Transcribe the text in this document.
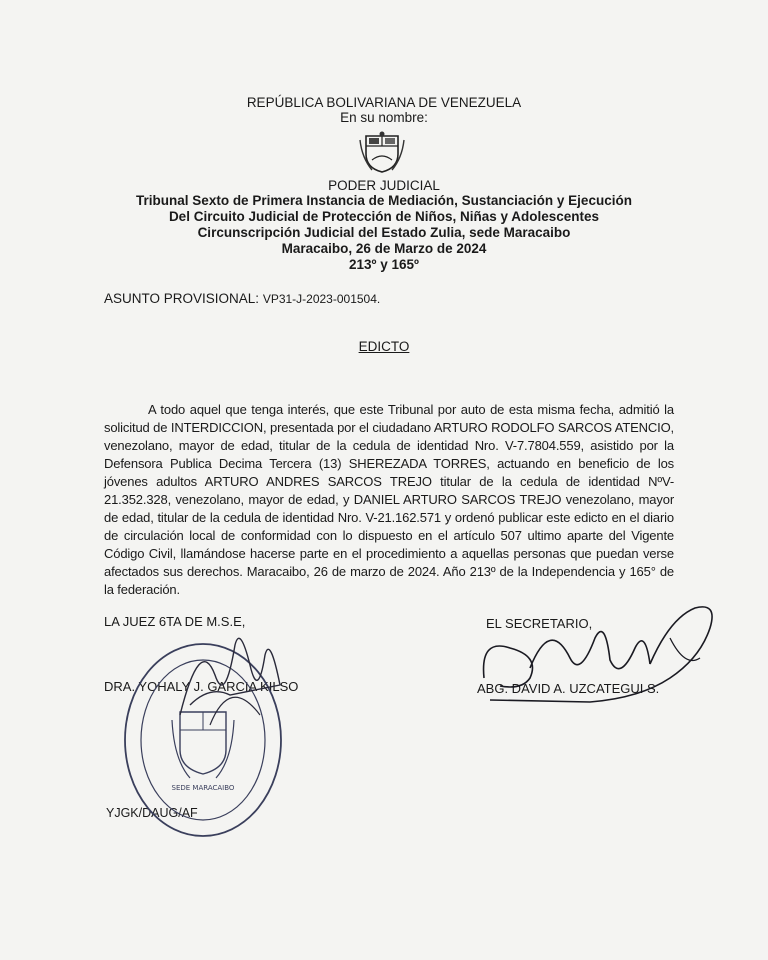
REPÚBLICA BOLIVARIANA DE VENEZUELA
En su nombre:
PODER JUDICIAL
Tribunal Sexto de Primera Instancia de Mediación, Sustanciación y Ejecución
Del Circuito Judicial de Protección de Niños, Niñas y Adolescentes
Circunscripción Judicial del Estado Zulia, sede Maracaibo
Maracaibo, 26 de Marzo de 2024
213º y 165º
ASUNTO PROVISIONAL: VP31-J-2023-001504.
EDICTO
A todo aquel que tenga interés, que este Tribunal por auto de esta misma fecha, admitió la solicitud de INTERDICCION, presentada por el ciudadano ARTURO RODOLFO SARCOS ATENCIO, venezolano, mayor de edad, titular de la cedula de identidad Nro. V-7.7804.559, asistido por la Defensora Publica Decima Tercera (13) SHEREZADA TORRES, actuando en beneficio de los jóvenes adultos ARTURO ANDRES SARCOS TREJO titular de la cedula de identidad NºV-21.352.328, venezolano, mayor de edad, y DANIEL ARTURO SARCOS TREJO venezolano, mayor de edad, titular de la cedula de identidad Nro. V-21.162.571 y ordenó publicar este edicto en el diario de circulación local de conformidad con lo dispuesto en el artículo 507 ultimo aparte del Vigente Código Civil, llamándose hacerse parte en el procedimiento a aquellas personas que puedan verse afectados sus derechos. Maracaibo, 26 de marzo de 2024. Año 213º de la Independencia y 165° de la federación.
LA JUEZ 6TA DE M.S.E,
DRA. YOHALY J. GARCIA KILSO
EL SECRETARIO,
ABG. DAVID A. UZCATEGUI S.
YJGK/DAUG/AF
SEDE MARACAIBO
